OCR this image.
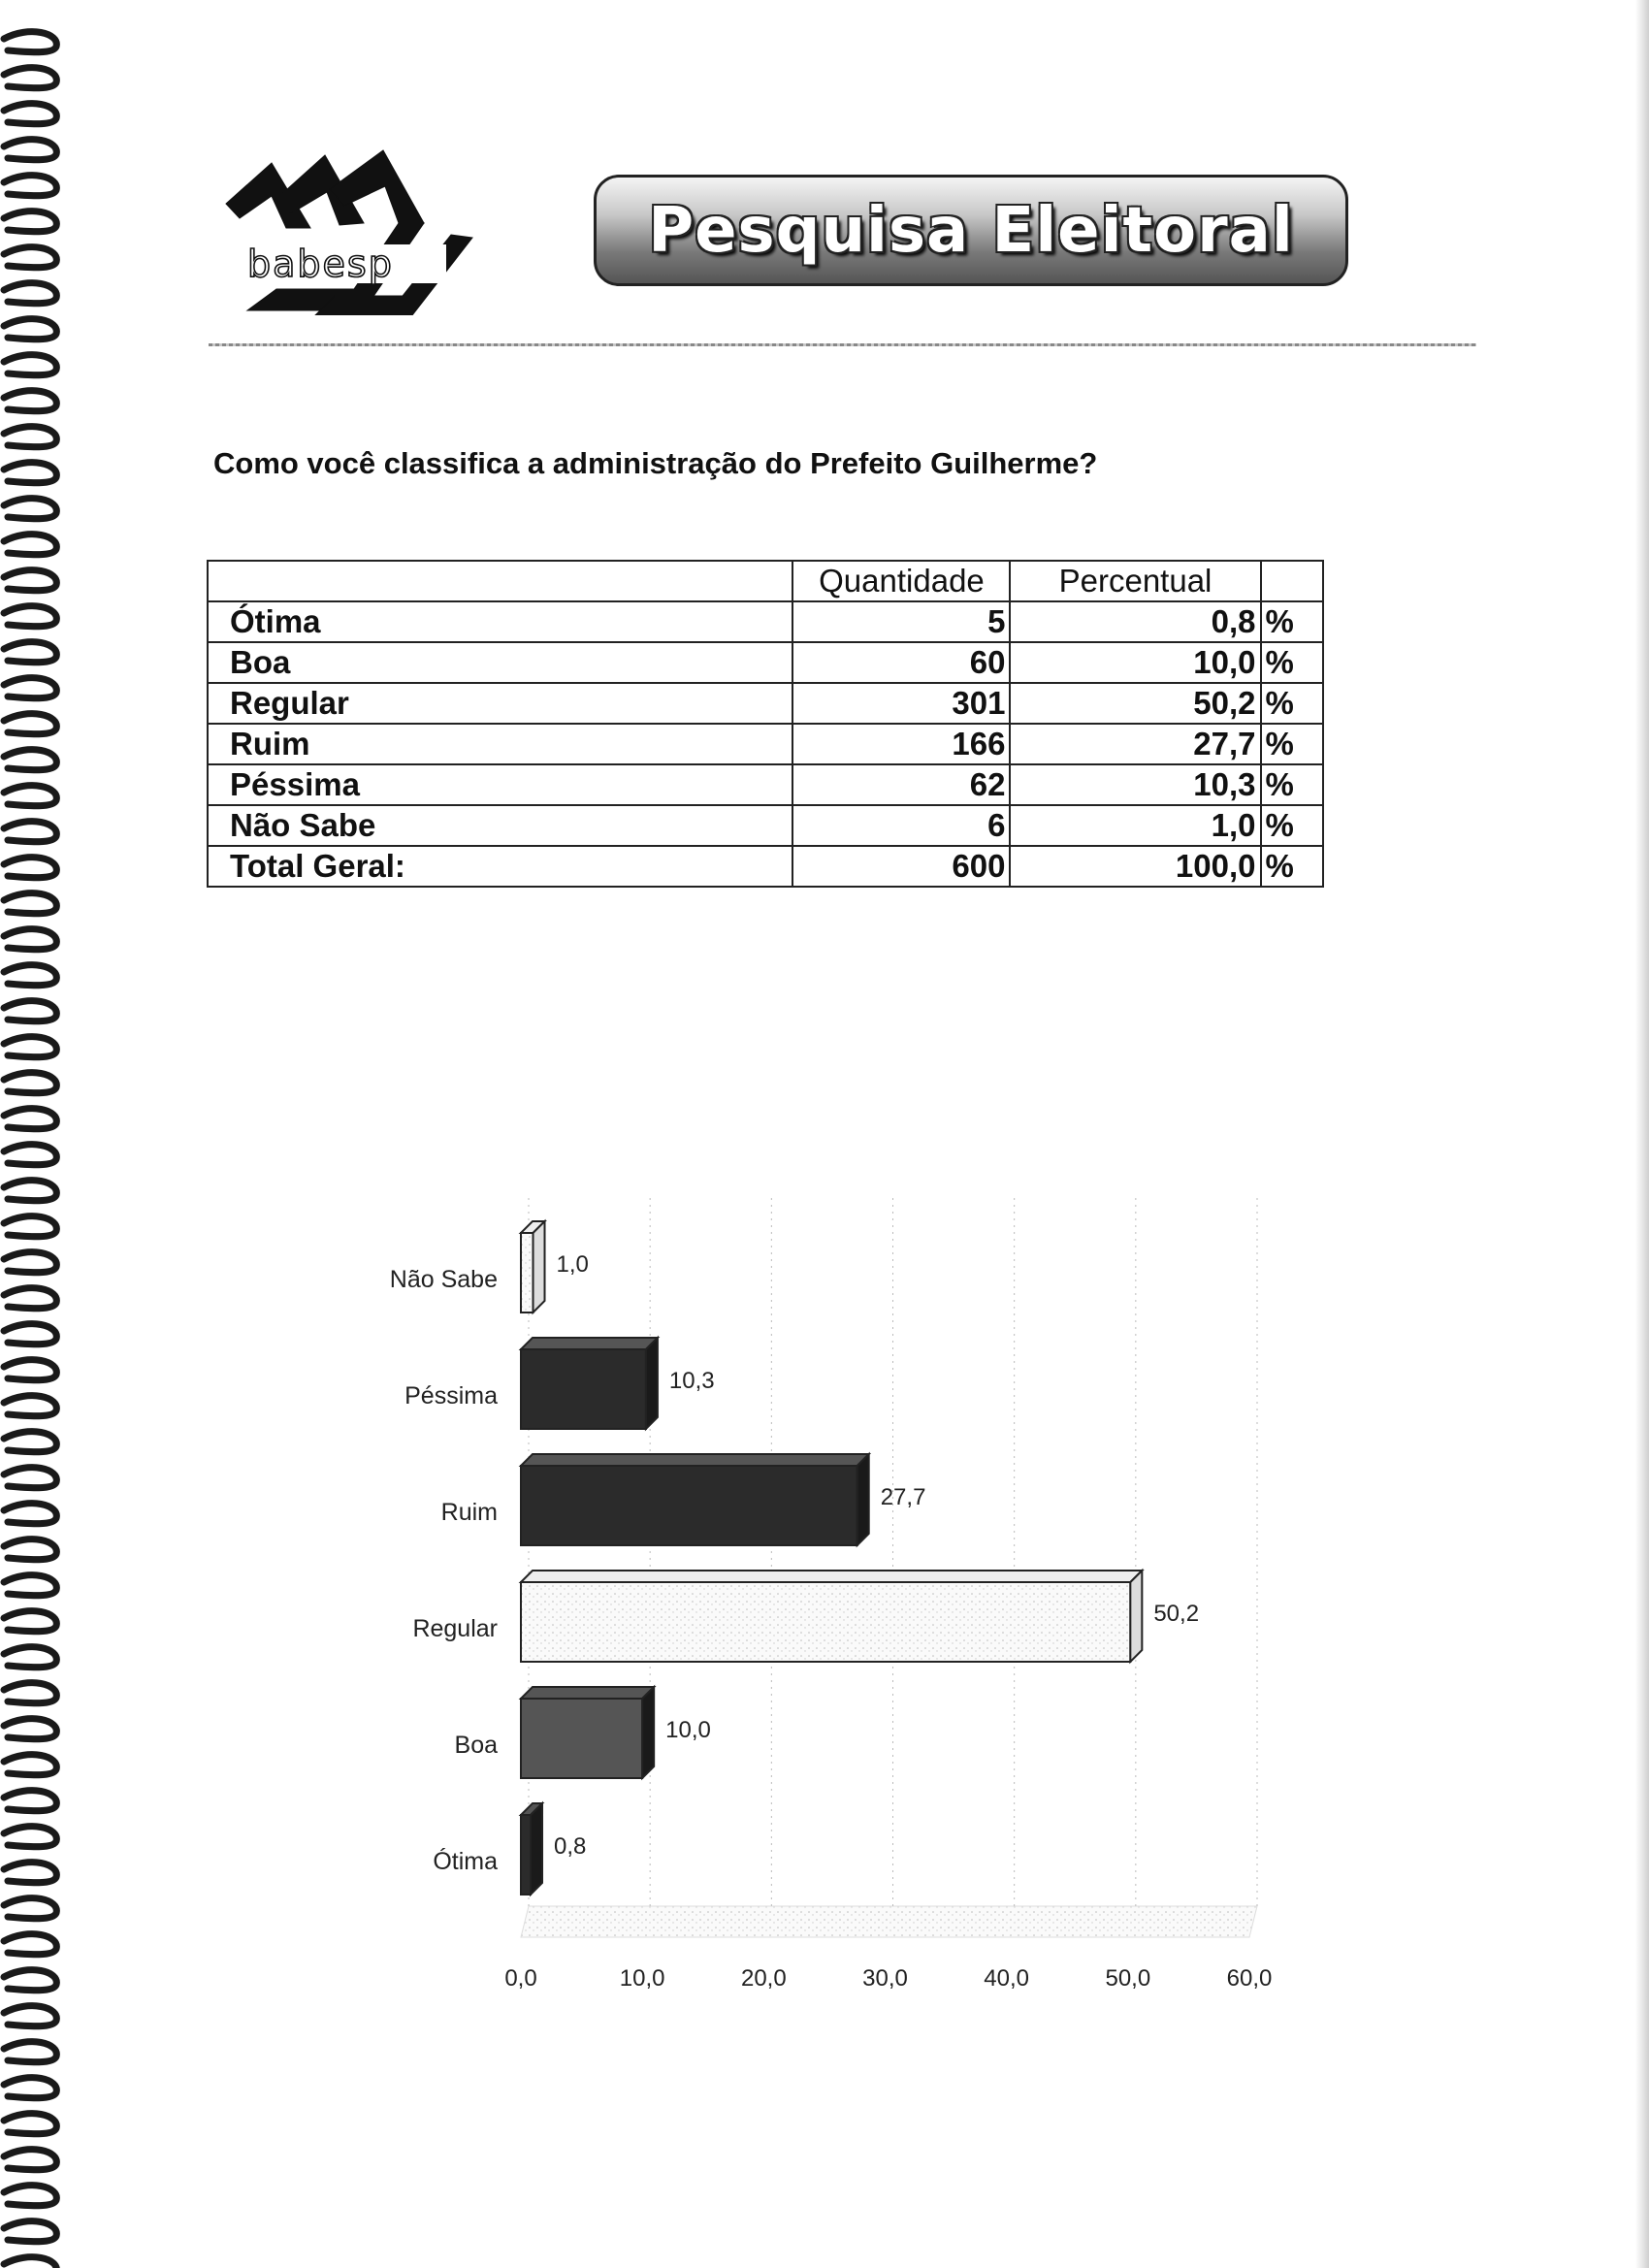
babesp	Pesquisa Eleitoral
Como você classifica a administração do Prefeito Guilherme?
	Quantidade	Percentual	
Ótima	5	0,8	%
Boa	60	10,0	%
Regular	301	50,2	%
Ruim	166	27,7	%
Péssima	62	10,3	%
Não Sabe	6	1,0	%
Total Geral:	600	100,0	%
1,0
Não Sabe
10,3
Péssima
27,7
Ruim
50,2
Regular
10,0
Boa
0,8
Ótima
0,0	10,0	20,0	30,0	40,0	50,0	60,0
